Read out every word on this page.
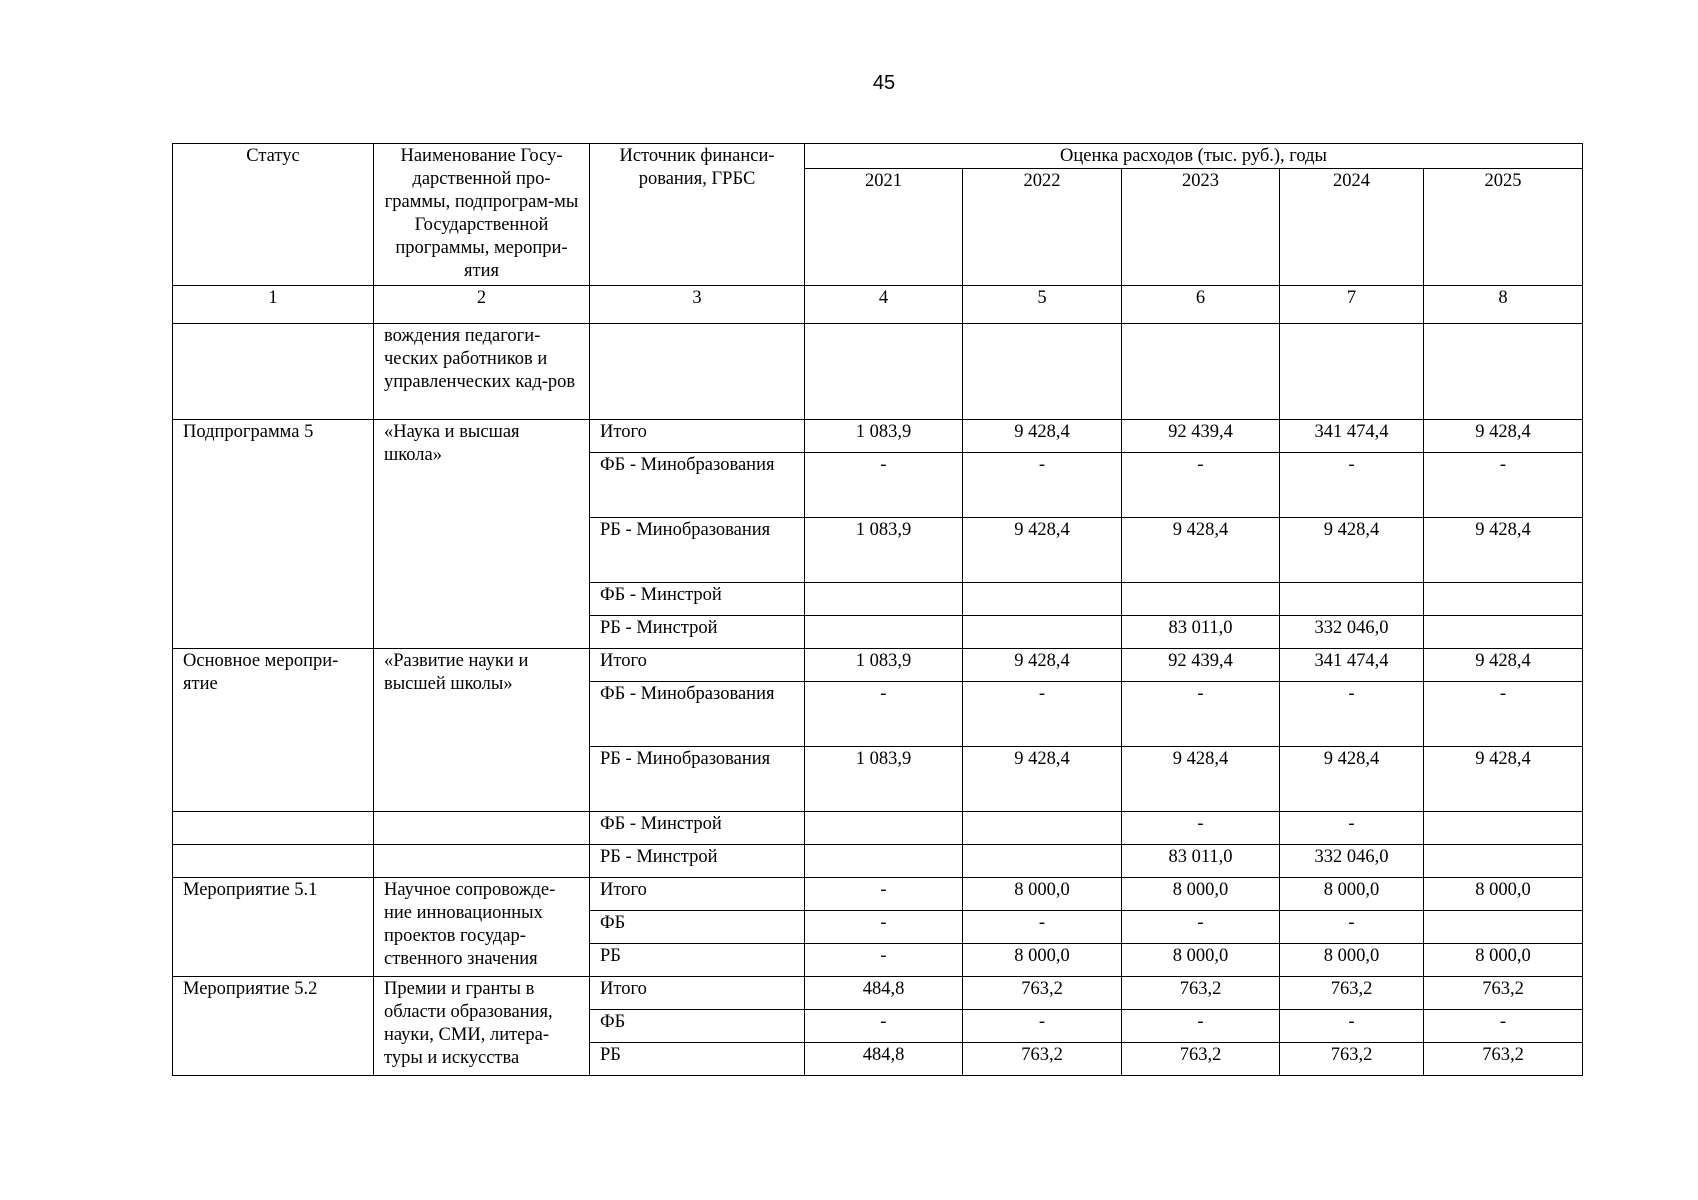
45
Статус	Наименование Госу-дарственной про-граммы, подпрограм-мы Государственной программы, меропри-ятия	Источник финанси-рования, ГРБС	Оценка расходов (тыс. руб.), годы				
			2021	2022	2023	2024	2025
1	2	3	4	5	6	7	8
	вождения педагоги-ческих работников и управленческих кад-ров						
Подпрограмма 5	«Наука и высшая школа»	Итого	1 083,9	9 428,4	92 439,4	341 474,4	9 428,4
		ФБ - Минобразования	-	-	-	-	-
		РБ - Минобразования	1 083,9	9 428,4	9 428,4	9 428,4	9 428,4
		ФБ - Минстрой					
		РБ - Минстрой			83 011,0	332 046,0	
Основное меропри-ятие	«Развитие науки и высшей школы»	Итого	1 083,9	9 428,4	92 439,4	341 474,4	9 428,4
		ФБ - Минобразования	-	-	-	-	-
		РБ - Минобразования	1 083,9	9 428,4	9 428,4	9 428,4	9 428,4
		ФБ - Минстрой			-	-	
		РБ - Минстрой			83 011,0	332 046,0	
Мероприятие 5.1	Научное сопровожде-ние инновационных проектов государ-ственного значения	Итого	-	8 000,0	8 000,0	8 000,0	8 000,0
		ФБ	-	-	-	-	
		РБ	-	8 000,0	8 000,0	8 000,0	8 000,0
Мероприятие 5.2	Премии и гранты в области образования, науки, СМИ, литера-туры и искусства	Итого	484,8	763,2	763,2	763,2	763,2
		ФБ	-	-	-	-	-
		РБ	484,8	763,2	763,2	763,2	763,2
